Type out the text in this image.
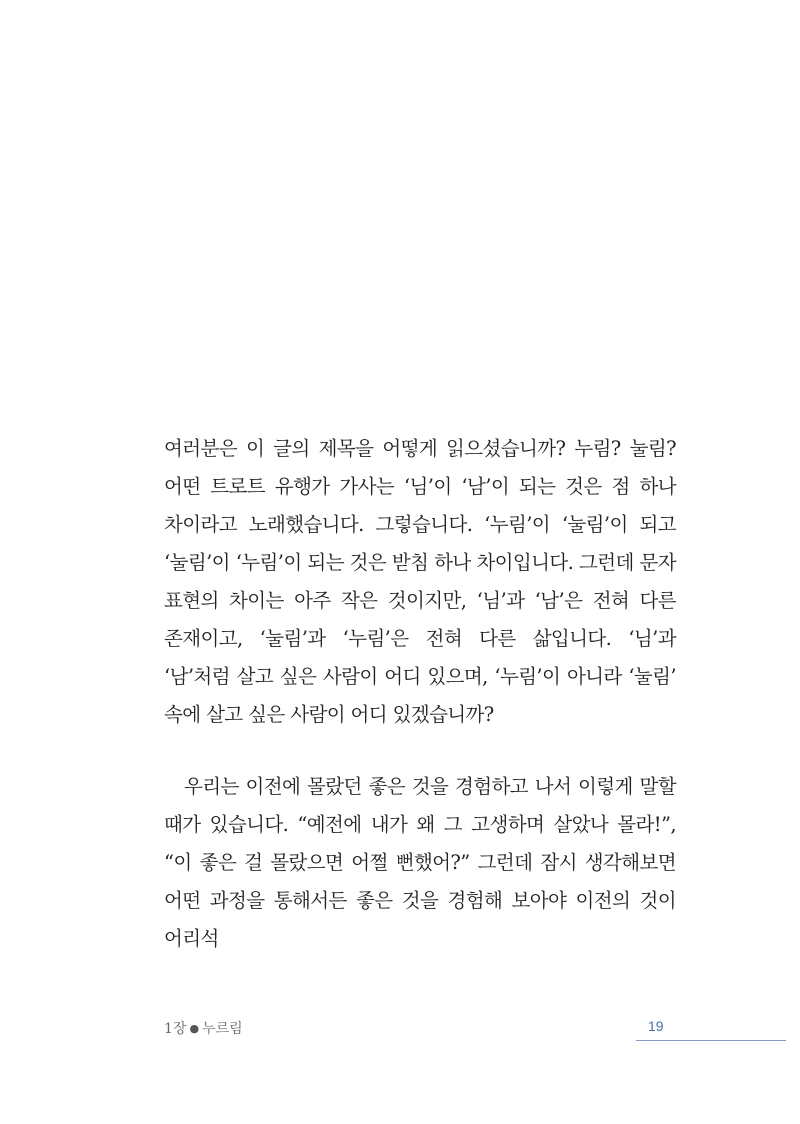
여러분은 이 글의 제목을 어떻게 읽으셨습니까? 누림? 눌림? 어떤 트로트 유행가 가사는 ‘님’이 ‘남’이 되는 것은 점 하나 차이라고 노래했습니다. 그렇습니다. ‘누림’이 ‘눌림’이 되고 ‘눌림’이 ‘누림’이 되는 것은 받침 하나 차이입니다. 그런데 문자 표현의 차이는 아주 작은 것이지만, ‘님’과 ‘남’은 전혀 다른 존재이고, ‘눌림’과 ‘누림’은 전혀 다른 삶입니다. ‘님’과 ‘남’처럼 살고 싶은 사람이 어디 있으며, ‘누림’이 아니라 ‘눌림’ 속에 살고 싶은 사람이 어디 있겠습니까?

우리는 이전에 몰랐던 좋은 것을 경험하고 나서 이렇게 말할 때가 있습니다. “예전에 내가 왜 그 고생하며 살았나 몰라!”, “이 좋은 걸 몰랐으면 어쩔 뻔했어?” 그런데 잠시 생각해보면 어떤 과정을 통해서든 좋은 것을 경험해 보아야 이전의 것이 어리석

1장 ● 누르림	19
